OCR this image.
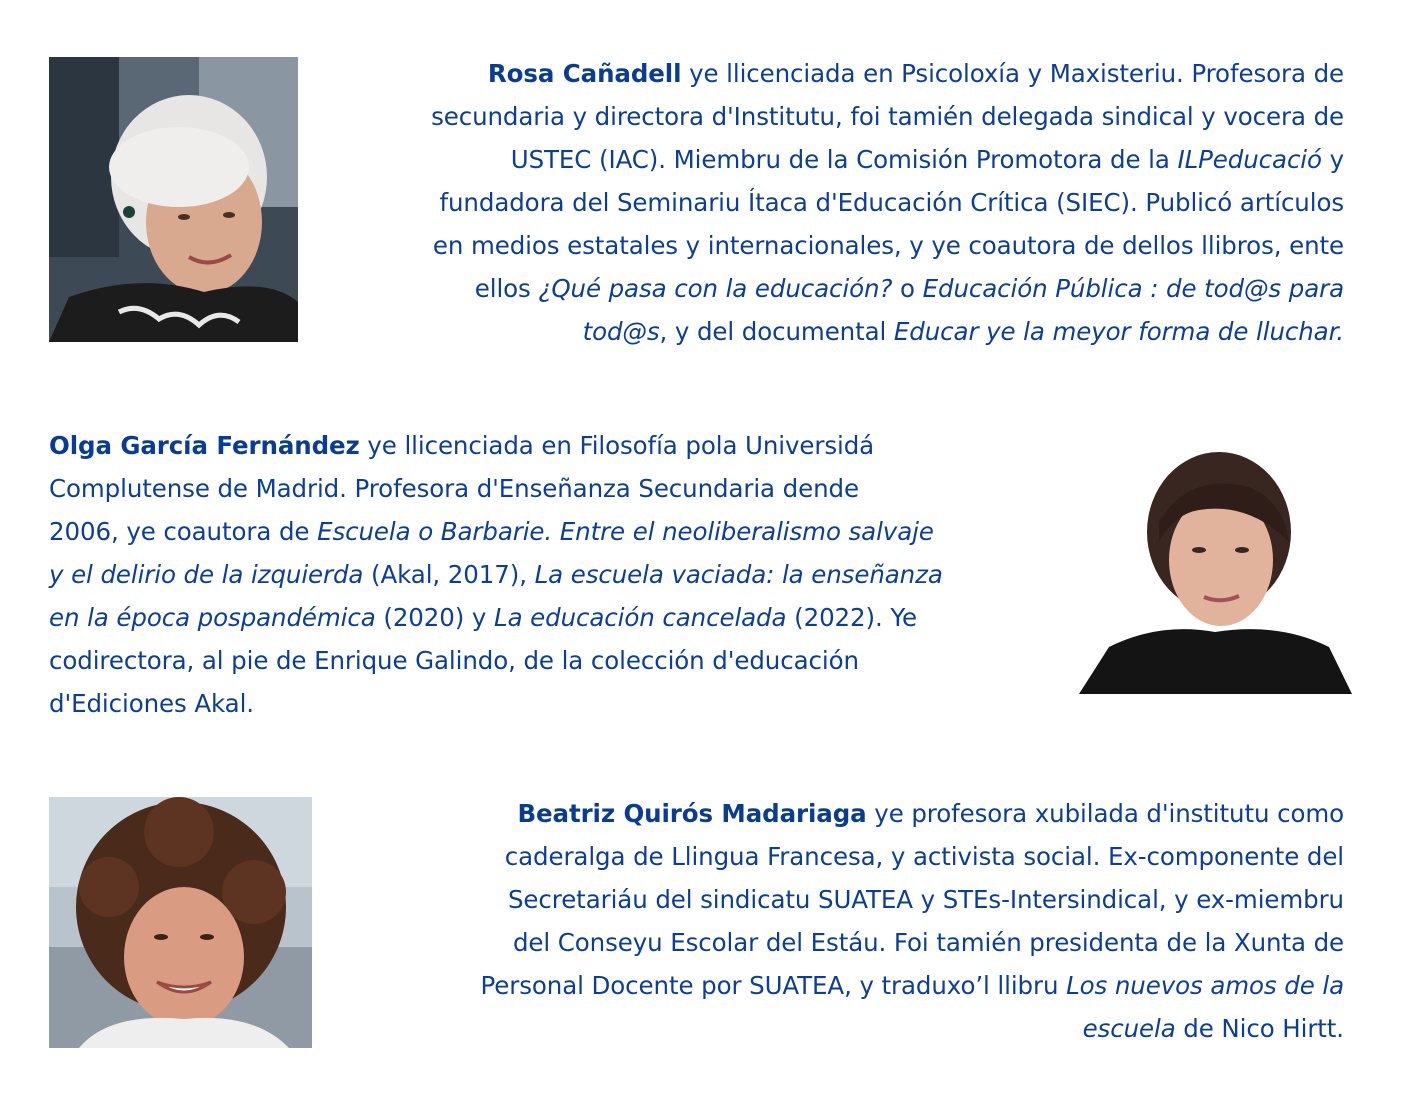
Rosa Cañadell ye llicenciada en Psicoloxía y Maxisteriu. Profesora de
secundaria y directora d'Institutu, foi tamién delegada sindical y vocera de
USTEC (IAC). Miembru de la Comisión Promotora de la ILPeducació y
fundadora del Seminariu Ítaca d'Educación Crítica (SIEC). Publicó artículos
en medios estatales y internacionales, y ye coautora de dellos llibros, ente
ellos ¿Qué pasa con la educación? o Educación Pública : de tod@s para
tod@s, y del documental Educar ye la meyor forma de lluchar.
Olga García Fernández ye llicenciada en Filosofía pola Universidá
Complutense de Madrid. Profesora d'Enseñanza Secundaria dende
2006, ye coautora de Escuela o Barbarie. Entre el neoliberalismo salvaje
y el delirio de la izquierda (Akal, 2017), La escuela vaciada: la enseñanza
en la época pospandémica (2020) y La educación cancelada (2022). Ye
codirectora, al pie de Enrique Galindo, de la colección d'educación
d'Ediciones Akal.
Beatriz Quirós Madariaga ye profesora xubilada d'institutu como
caderalga de Llingua Francesa, y activista social. Ex-componente del
Secretariáu del sindicatu SUATEA y STEs-Intersindical, y ex-miembru
del Conseyu Escolar del Estáu. Foi tamién presidenta de la Xunta de
Personal Docente por SUATEA, y traduxo’l llibru Los nuevos amos de la
escuela de Nico Hirtt.
